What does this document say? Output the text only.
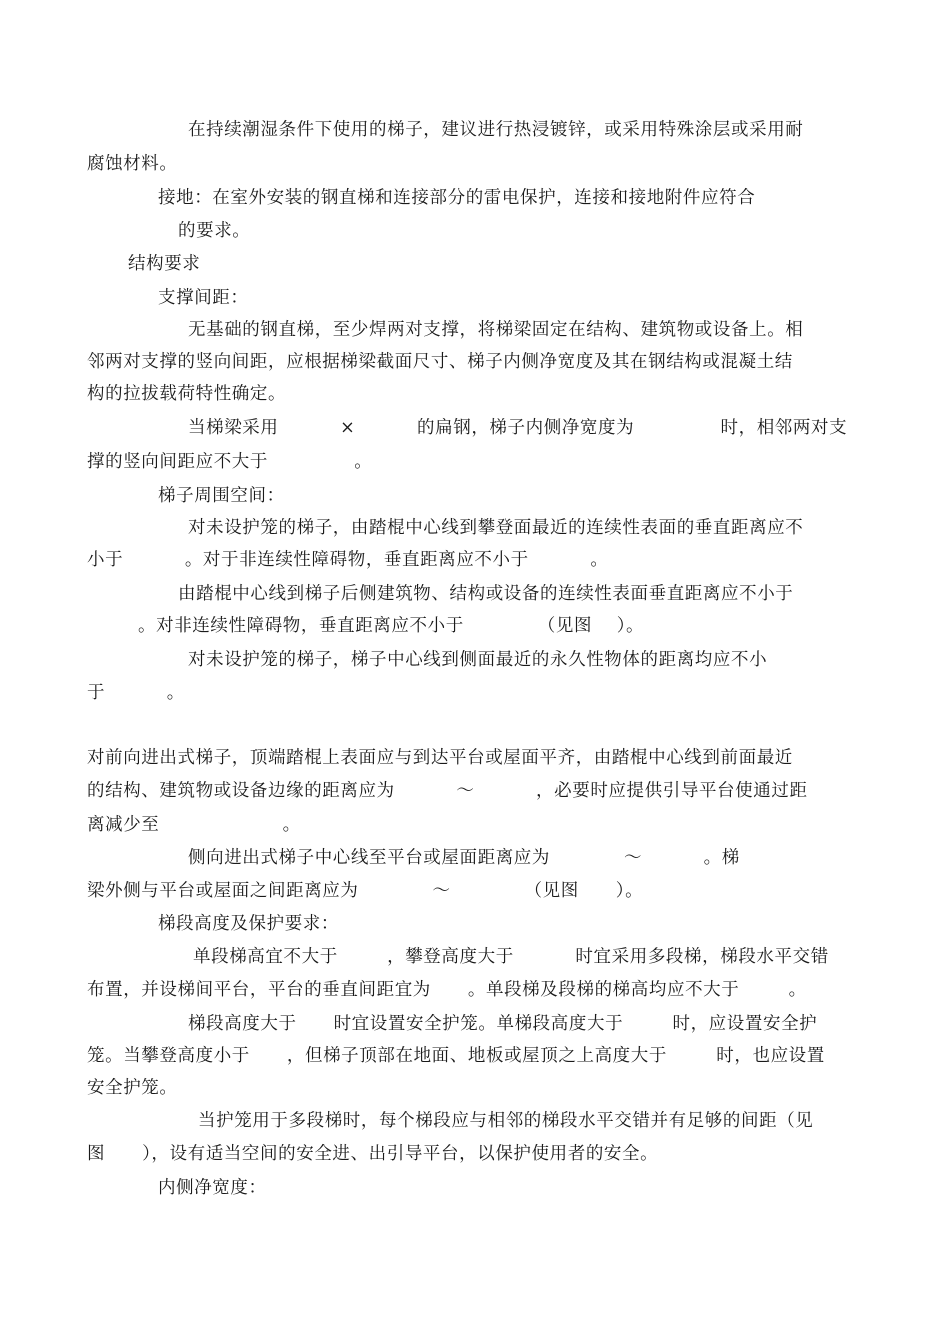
在持续潮湿条件下使用的梯子，建议进行热浸镀锌，或采用特殊涂层或采用耐
腐蚀材料。
接地：在室外安装的钢直梯和连接部分的雷电保护，连接和接地附件应符合
的要求。
结构要求
支撑间距：
无基础的钢直梯，至少焊两对支撑，将梯梁固定在结构、建筑物或设备上。相
邻两对支撑的竖向间距，应根据梯梁截面尺寸、梯子内侧净宽度及其在钢结构或混凝土结
构的拉拔载荷特性确定。
当梯梁采用          ×          的扁钢，梯子内侧净宽度为              时，相邻两对支
撑的竖向间距应不大于              。
梯子周围空间：
对未设护笼的梯子，由踏棍中心线到攀登面最近的连续性表面的垂直距离应不
小于          。对于非连续性障碍物，垂直距离应不小于          。
由踏棍中心线到梯子后侧建筑物、结构或设备的连续性表面垂直距离应不小于
。对非连续性障碍物，垂直距离应不小于            （见图    ）。
对未设护笼的梯子，梯子中心线到侧面最近的永久性物体的距离均应不小
于          。
对前向进出式梯子，顶端踏棍上表面应与到达平台或屋面平齐，由踏棍中心线到前面最近
的结构、建筑物或设备边缘的距离应为          ～          ，必要时应提供引导平台使通过距
离减少至                    。
侧向进出式梯子中心线至平台或屋面距离应为            ～          。梯
梁外侧与平台或屋面之间距离应为            ～            （见图      ）。
梯段高度及保护要求：
单段梯高宜不大于        ，攀登高度大于          时宜采用多段梯，梯段水平交错
布置，并设梯间平台，平台的垂直间距宜为      。单段梯及段梯的梯高均应不大于        。
梯段高度大于      时宜设置安全护笼。单梯段高度大于        时，应设置安全护
笼。当攀登高度小于      ，但梯子顶部在地面、地板或屋顶之上高度大于        时，也应设置
安全护笼。
当护笼用于多段梯时，每个梯段应与相邻的梯段水平交错并有足够的间距（见
图      ），设有适当空间的安全进、出引导平台，以保护使用者的安全。
内侧净宽度：
